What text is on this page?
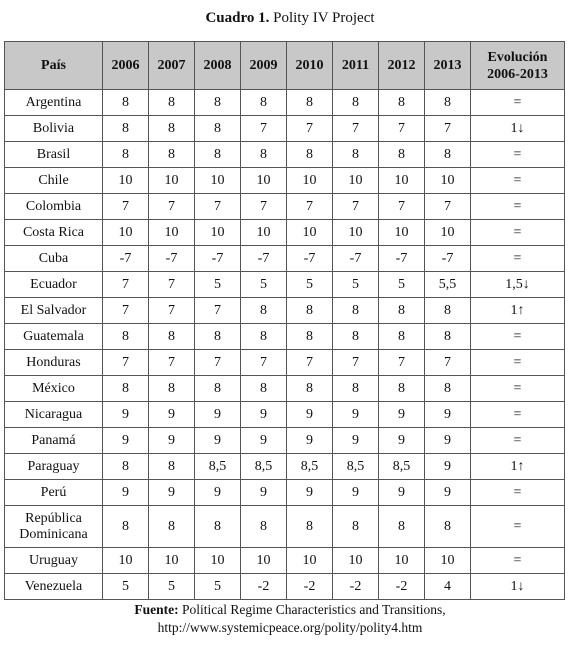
Cuadro 1. Polity IV Project
País	2006	2007	2008	2009	2010	2011	2012	2013	Evolución
2006-2013
Argentina	8	8	8	8	8	8	8	8	=
Bolivia	8	8	8	7	7	7	7	7	1↓
Brasil	8	8	8	8	8	8	8	8	=
Chile	10	10	10	10	10	10	10	10	=
Colombia	7	7	7	7	7	7	7	7	=
Costa Rica	10	10	10	10	10	10	10	10	=
Cuba	-7	-7	-7	-7	-7	-7	-7	-7	=
Ecuador	7	7	5	5	5	5	5	5,5	1,5↓
El Salvador	7	7	7	8	8	8	8	8	1↑
Guatemala	8	8	8	8	8	8	8	8	=
Honduras	7	7	7	7	7	7	7	7	=
México	8	8	8	8	8	8	8	8	=
Nicaragua	9	9	9	9	9	9	9	9	=
Panamá	9	9	9	9	9	9	9	9	=
Paraguay	8	8	8,5	8,5	8,5	8,5	8,5	9	1↑
Perú	9	9	9	9	9	9	9	9	=
República
Dominicana	8	8	8	8	8	8	8	8	=
Uruguay	10	10	10	10	10	10	10	10	=
Venezuela	5	5	5	-2	-2	-2	-2	4	1↓
Fuente: Political Regime Characteristics and Transitions,
http://www.systemicpeace.org/polity/polity4.htm
